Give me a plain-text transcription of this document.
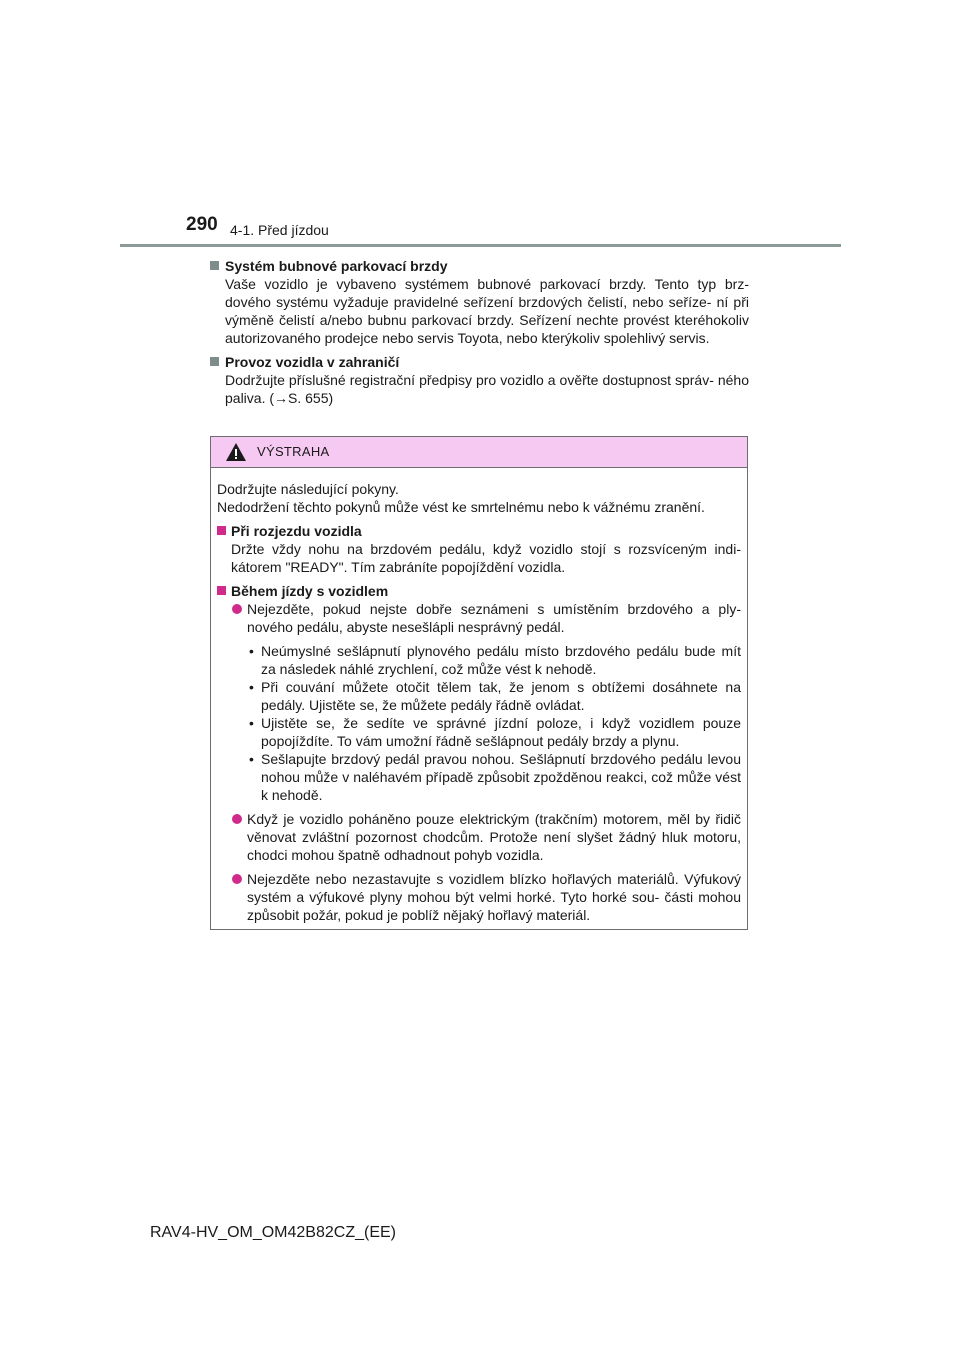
290 4-1. Před jízdou
Systém bubnové parkovací brzdy
Vaše vozidlo je vybaveno systémem bubnové parkovací brzdy. Tento typ brz- dového systému vyžaduje pravidelné seřízení brzdových čelistí, nebo seříze- ní při výměně čelistí a/nebo bubnu parkovací brzdy. Seřízení nechte provést kteréhokoliv autorizovaného prodejce nebo servis Toyota, nebo kterýkoliv spolehlivý servis.
Provoz vozidla v zahraničí
Dodržujte příslušné registrační předpisy pro vozidlo a ověřte dostupnost správ- ného paliva. (→S. 655)
VÝSTRAHA
Dodržujte následující pokyny.
Nedodržení těchto pokynů může vést ke smrtelnému nebo k vážnému zranění.
Při rozjezdu vozidla
Držte vždy nohu na brzdovém pedálu, když vozidlo stojí s rozsvíceným indi- kátorem "READY". Tím zabráníte popojíždění vozidla.
Během jízdy s vozidlem
Nejezděte, pokud nejste dobře seznámeni s umístěním brzdového a ply- nového pedálu, abyste nesešlápli nesprávný pedál.
• Neúmyslné sešlápnutí plynového pedálu místo brzdového pedálu bude mít za následek náhlé zrychlení, což může vést k nehodě.
• Při couvání můžete otočit tělem tak, že jenom s obtížemi dosáhnete na pedály. Ujistěte se, že můžete pedály řádně ovládat.
• Ujistěte se, že sedíte ve správné jízdní poloze, i když vozidlem pouze popojíždíte. To vám umožní řádně sešlápnout pedály brzdy a plynu.
• Sešlapujte brzdový pedál pravou nohou. Sešlápnutí brzdového pedálu levou nohou může v naléhavém případě způsobit zpožděnou reakci, což může vést k nehodě.
Když je vozidlo poháněno pouze elektrickým (trakčním) motorem, měl by řidič věnovat zvláštní pozornost chodcům. Protože není slyšet žádný hluk motoru, chodci mohou špatně odhadnout pohyb vozidla.
Nejezděte nebo nezastavujte s vozidlem blízko hořlavých materiálů. Výfukový systém a výfukové plyny mohou být velmi horké. Tyto horké sou- části mohou způsobit požár, pokud je poblíž nějaký hořlavý materiál.
RAV4-HV_OM_OM42B82CZ_(EE)
